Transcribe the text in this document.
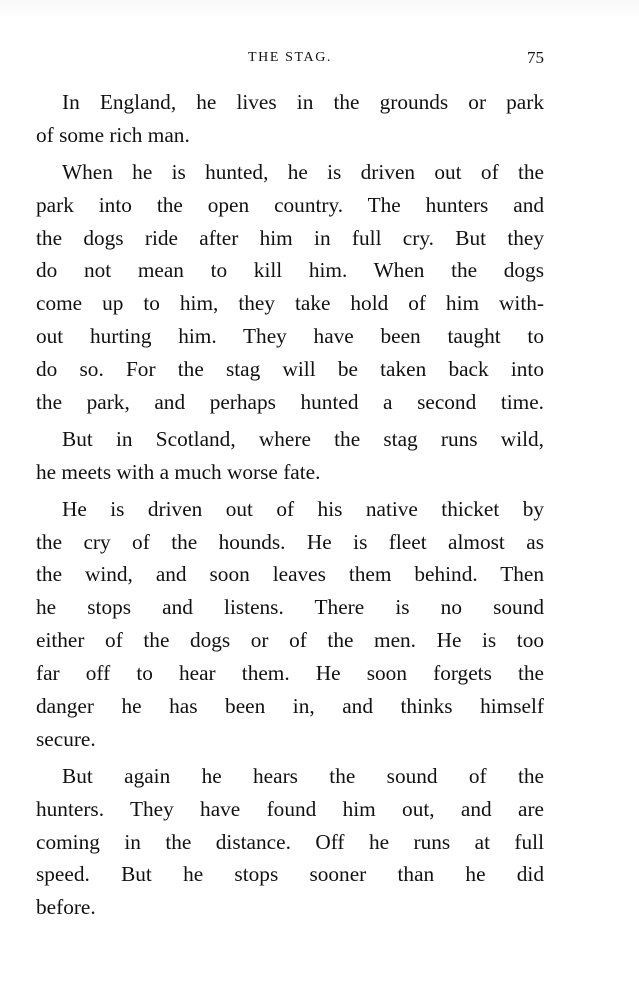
THE STAG.	75
In England, he lives in the grounds or park
of some rich man.
When he is hunted, he is driven out of the
park into the open country. The hunters and
the dogs ride after him in full cry. But they
do not mean to kill him. When the dogs
come up to him, they take hold of him with-
out hurting him. They have been taught to
do so. For the stag will be taken back into
the park, and perhaps hunted a second time.
But in Scotland, where the stag runs wild,
he meets with a much worse fate.
He is driven out of his native thicket by
the cry of the hounds. He is fleet almost as
the wind, and soon leaves them behind. Then
he stops and listens. There is no sound
either of the dogs or of the men. He is too
far off to hear them. He soon forgets the
danger he has been in, and thinks himself
secure.
But again he hears the sound of the
hunters. They have found him out, and are
coming in the distance. Off he runs at full
speed. But he stops sooner than he did
before.
